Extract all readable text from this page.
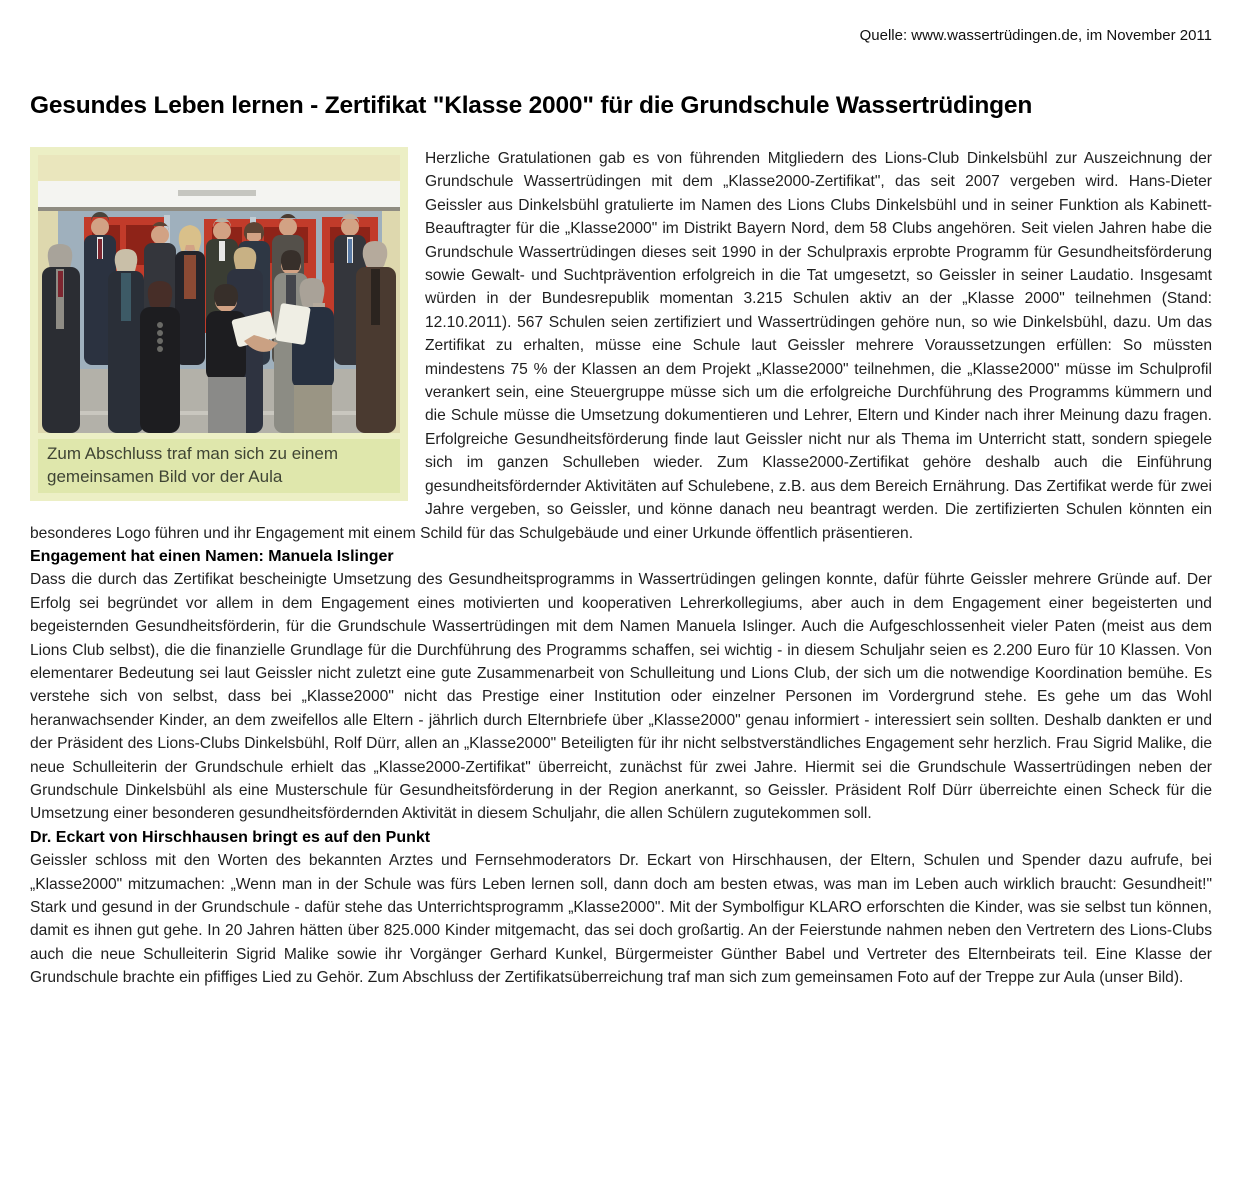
Quelle: www.wassertrüdingen.de, im November 2011

Gesundes Leben lernen - Zertifikat "Klasse 2000" für die Grundschule Wassertrüdingen
Zum Abschluss traf man sich zu einem gemeinsamen Bild vor der Aula

Herzliche Gratulationen gab es von führenden Mitgliedern des Lions-Club Dinkelsbühl zur Auszeichnung der Grundschule Wassertrüdingen mit dem „Klasse2000-Zertifikat", das seit 2007 vergeben wird. Hans-Dieter Geissler aus Dinkelsbühl gratulierte im Namen des Lions Clubs Dinkelsbühl und in seiner Funktion als Kabinett-Beauftragter für die „Klasse2000" im Distrikt Bayern Nord, dem 58 Clubs angehören. Seit vielen Jahren habe die Grundschule Wassertrüdingen dieses seit 1990 in der Schulpraxis erprobte Programm für Gesundheitsförderung sowie Gewalt- und Suchtprävention erfolgreich in die Tat umgesetzt, so Geissler in seiner Laudatio. Insgesamt würden in der Bundesrepublik momentan 3.215 Schulen aktiv an der „Klasse 2000" teilnehmen (Stand: 12.10.2011). 567 Schulen seien zertifiziert und Wassertrüdingen gehöre nun, so wie Dinkelsbühl, dazu. Um das Zertifikat zu erhalten, müsse eine Schule laut Geissler mehrere Voraussetzungen erfüllen: So müssten mindestens 75 % der Klassen an dem Projekt „Klasse2000" teilnehmen, die „Klasse2000" müsse im Schulprofil verankert sein, eine Steuergruppe müsse sich um die erfolgreiche Durchführung des Programms kümmern und die Schule müsse die Umsetzung dokumentieren und Lehrer, Eltern und Kinder nach ihrer Meinung dazu fragen. Erfolgreiche Gesundheitsförderung finde laut Geissler nicht nur als Thema im Unterricht statt, sondern spiegele sich im ganzen Schulleben wieder. Zum Klasse2000-Zertifikat gehöre deshalb auch die Einführung gesundheitsfördernder Aktivitäten auf Schulebene, z.B. aus dem Bereich Ernährung. Das Zertifikat werde für zwei Jahre vergeben, so Geissler, und könne danach neu beantragt werden. Die zertifizierten Schulen könnten ein besonderes Logo führen und ihr Engagement mit einem Schild für das Schulgebäude und einer Urkunde öffentlich präsentieren.

Engagement hat einen Namen: Manuela Islinger

Dass die durch das Zertifikat bescheinigte Umsetzung des Gesundheitsprogramms in Wassertrüdingen gelingen konnte, dafür führte Geissler mehrere Gründe auf. Der Erfolg sei begründet vor allem in dem Engagement eines motivierten und kooperativen Lehrerkollegiums, aber auch in dem Engagement einer begeisterten und begeisternden Gesundheitsförderin, für die Grundschule Wassertrüdingen mit dem Namen Manuela Islinger. Auch die Aufgeschlossenheit vieler Paten (meist aus dem Lions Club selbst), die die finanzielle Grundlage für die Durchführung des Programms schaffen, sei wichtig - in diesem Schuljahr seien es 2.200 Euro für 10 Klassen. Von elementarer Bedeutung sei laut Geissler nicht zuletzt eine gute Zusammenarbeit von Schulleitung und Lions Club, der sich um die notwendige Koordination bemühe. Es verstehe sich von selbst, dass bei „Klasse2000" nicht das Prestige einer Institution oder einzelner Personen im Vordergrund stehe. Es gehe um das Wohl heranwachsender Kinder, an dem zweifellos alle Eltern - jährlich durch Elternbriefe über „Klasse2000" genau informiert - interessiert sein sollten. Deshalb dankten er und der Präsident des Lions-Clubs Dinkelsbühl, Rolf Dürr, allen an „Klasse2000" Beteiligten für ihr nicht selbstverständliches Engagement sehr herzlich. Frau Sigrid Malike, die neue Schulleiterin der Grundschule erhielt das „Klasse2000-Zertifikat" überreicht, zunächst für zwei Jahre. Hiermit sei die Grundschule Wassertrüdingen neben der Grundschule Dinkelsbühl als eine Musterschule für Gesundheitsförderung in der Region anerkannt, so Geissler. Präsident Rolf Dürr überreichte einen Scheck für die Umsetzung einer besonderen gesundheitsfördernden Aktivität in diesem Schuljahr, die allen Schülern zugutekommen soll.

Dr. Eckart von Hirschhausen bringt es auf den Punkt

Geissler schloss mit den Worten des bekannten Arztes und Fernsehmoderators Dr. Eckart von Hirschhausen, der Eltern, Schulen und Spender dazu aufrufe, bei „Klasse2000" mitzumachen: „Wenn man in der Schule was fürs Leben lernen soll, dann doch am besten etwas, was man im Leben auch wirklich braucht: Gesundheit!" Stark und gesund in der Grundschule - dafür stehe das Unterrichtsprogramm „Klasse2000". Mit der Symbolfigur KLARO erforschten die Kinder, was sie selbst tun können, damit es ihnen gut gehe. In 20 Jahren hätten über 825.000 Kinder mitgemacht, das sei doch großartig. An der Feierstunde nahmen neben den Vertretern des Lions-Clubs auch die neue Schulleiterin Sigrid Malike sowie ihr Vorgänger Gerhard Kunkel, Bürgermeister Günther Babel und Vertreter des Elternbeirats teil. Eine Klasse der Grundschule brachte ein pfiffiges Lied zu Gehör. Zum Abschluss der Zertifikatsüberreichung traf man sich zum gemeinsamen Foto auf der Treppe zur Aula (unser Bild).
